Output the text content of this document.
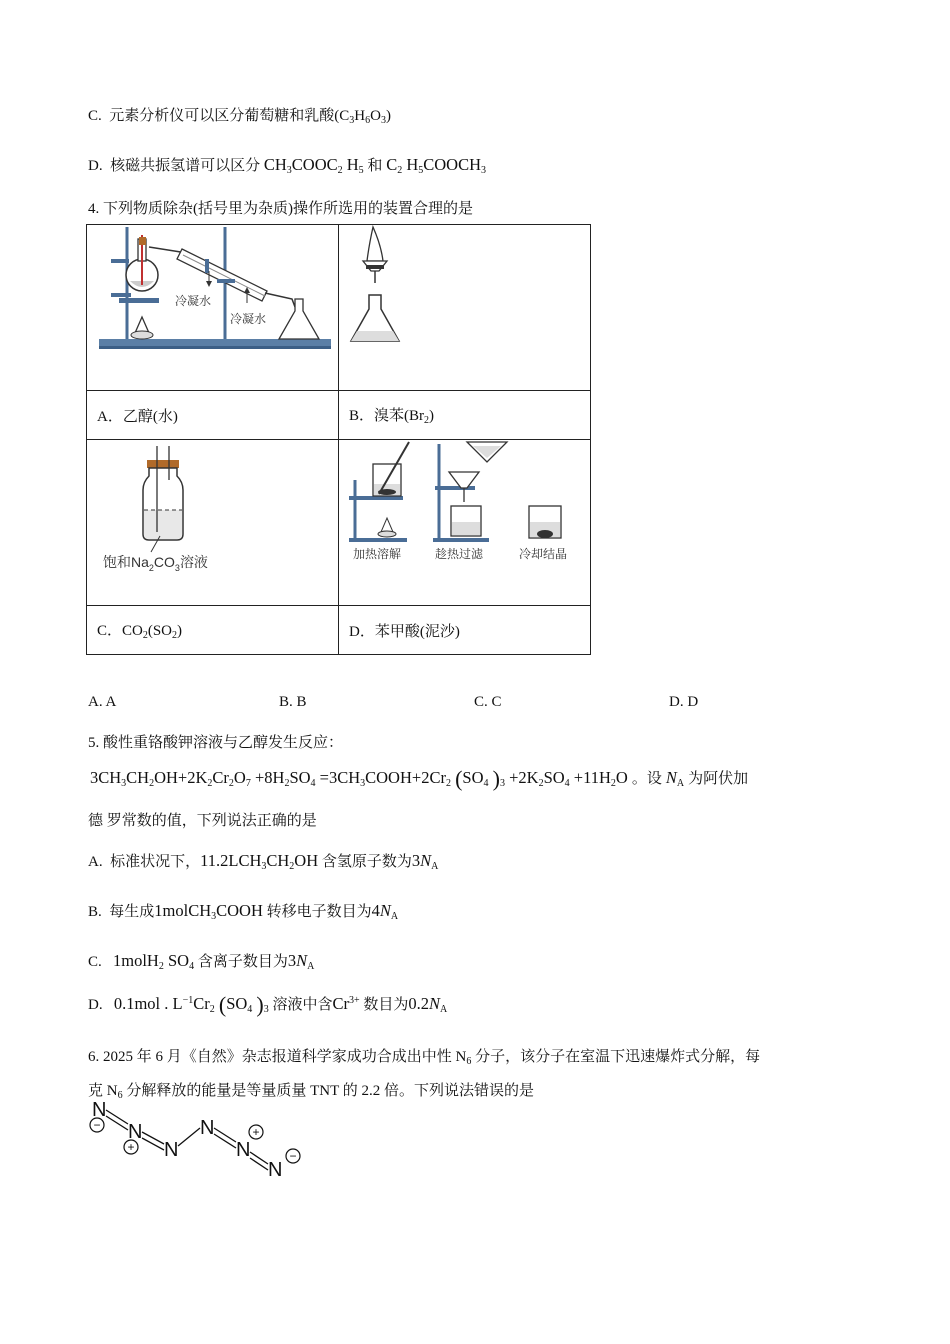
C. 元素分析仪可以区分葡萄糖和乳酸$(C_3H_6O_3)$
D. 核磁共振氢谱可以区分 $CH_3COOC_2$ $H_5$ 和 $C_2$ $H_5COOCH_3$
4. 下列物质除杂(括号里为杂质)操作所选用的装置合理的是
冷凝水
冷凝水

A．乙醇(水)	B．溴苯$(Br_2)$

饱和$Na_2CO_3$溶液	加热溶解 趁热过滤 冷却结晶

C．$CO_2(SO_2)$	D．苯甲酸(泥沙)
A. A	B. B	C. C	D. D
5. 酸性重铬酸钾溶液与乙醇发生反应：
$3CH_3CH_2OH+2K_2Cr_2O_7 +8H_2SO_4$ $=3CH_3COOH+2Cr_2$ ($SO_4$ )$_3 +2K_2SO_4 +11H_2O$ 。设 $N_A$ 为阿伏加
德 罗常数的值，下列说法正确的是
A. 标准状况下，$11.2LCH_3CH_2OH$ 含氢原子数为$3N_A$
B. 每生成1molCH$_3$COOH 转移电子数目为$4N_A$
C. 1molH$_2$ $SO_4$ 含离子数目为$3N_A$
D. 0.1mol . $L^{-1}Cr_2$ ($SO_4$ )$_3$ 溶液中含$Cr^{3+}$ 数目为$0.2N_A$
6. 2025 年 6 月《自然》杂志报道科学家成功合成出中性 $N_6$ 分子，该分子在室温下迅速爆炸式分解，每
克 $N_6$ 分解释放的能量是等量质量 TNT 的 2.2 倍。下列说法错误的是
N
N
N
N
N
N
−
+
+
−
